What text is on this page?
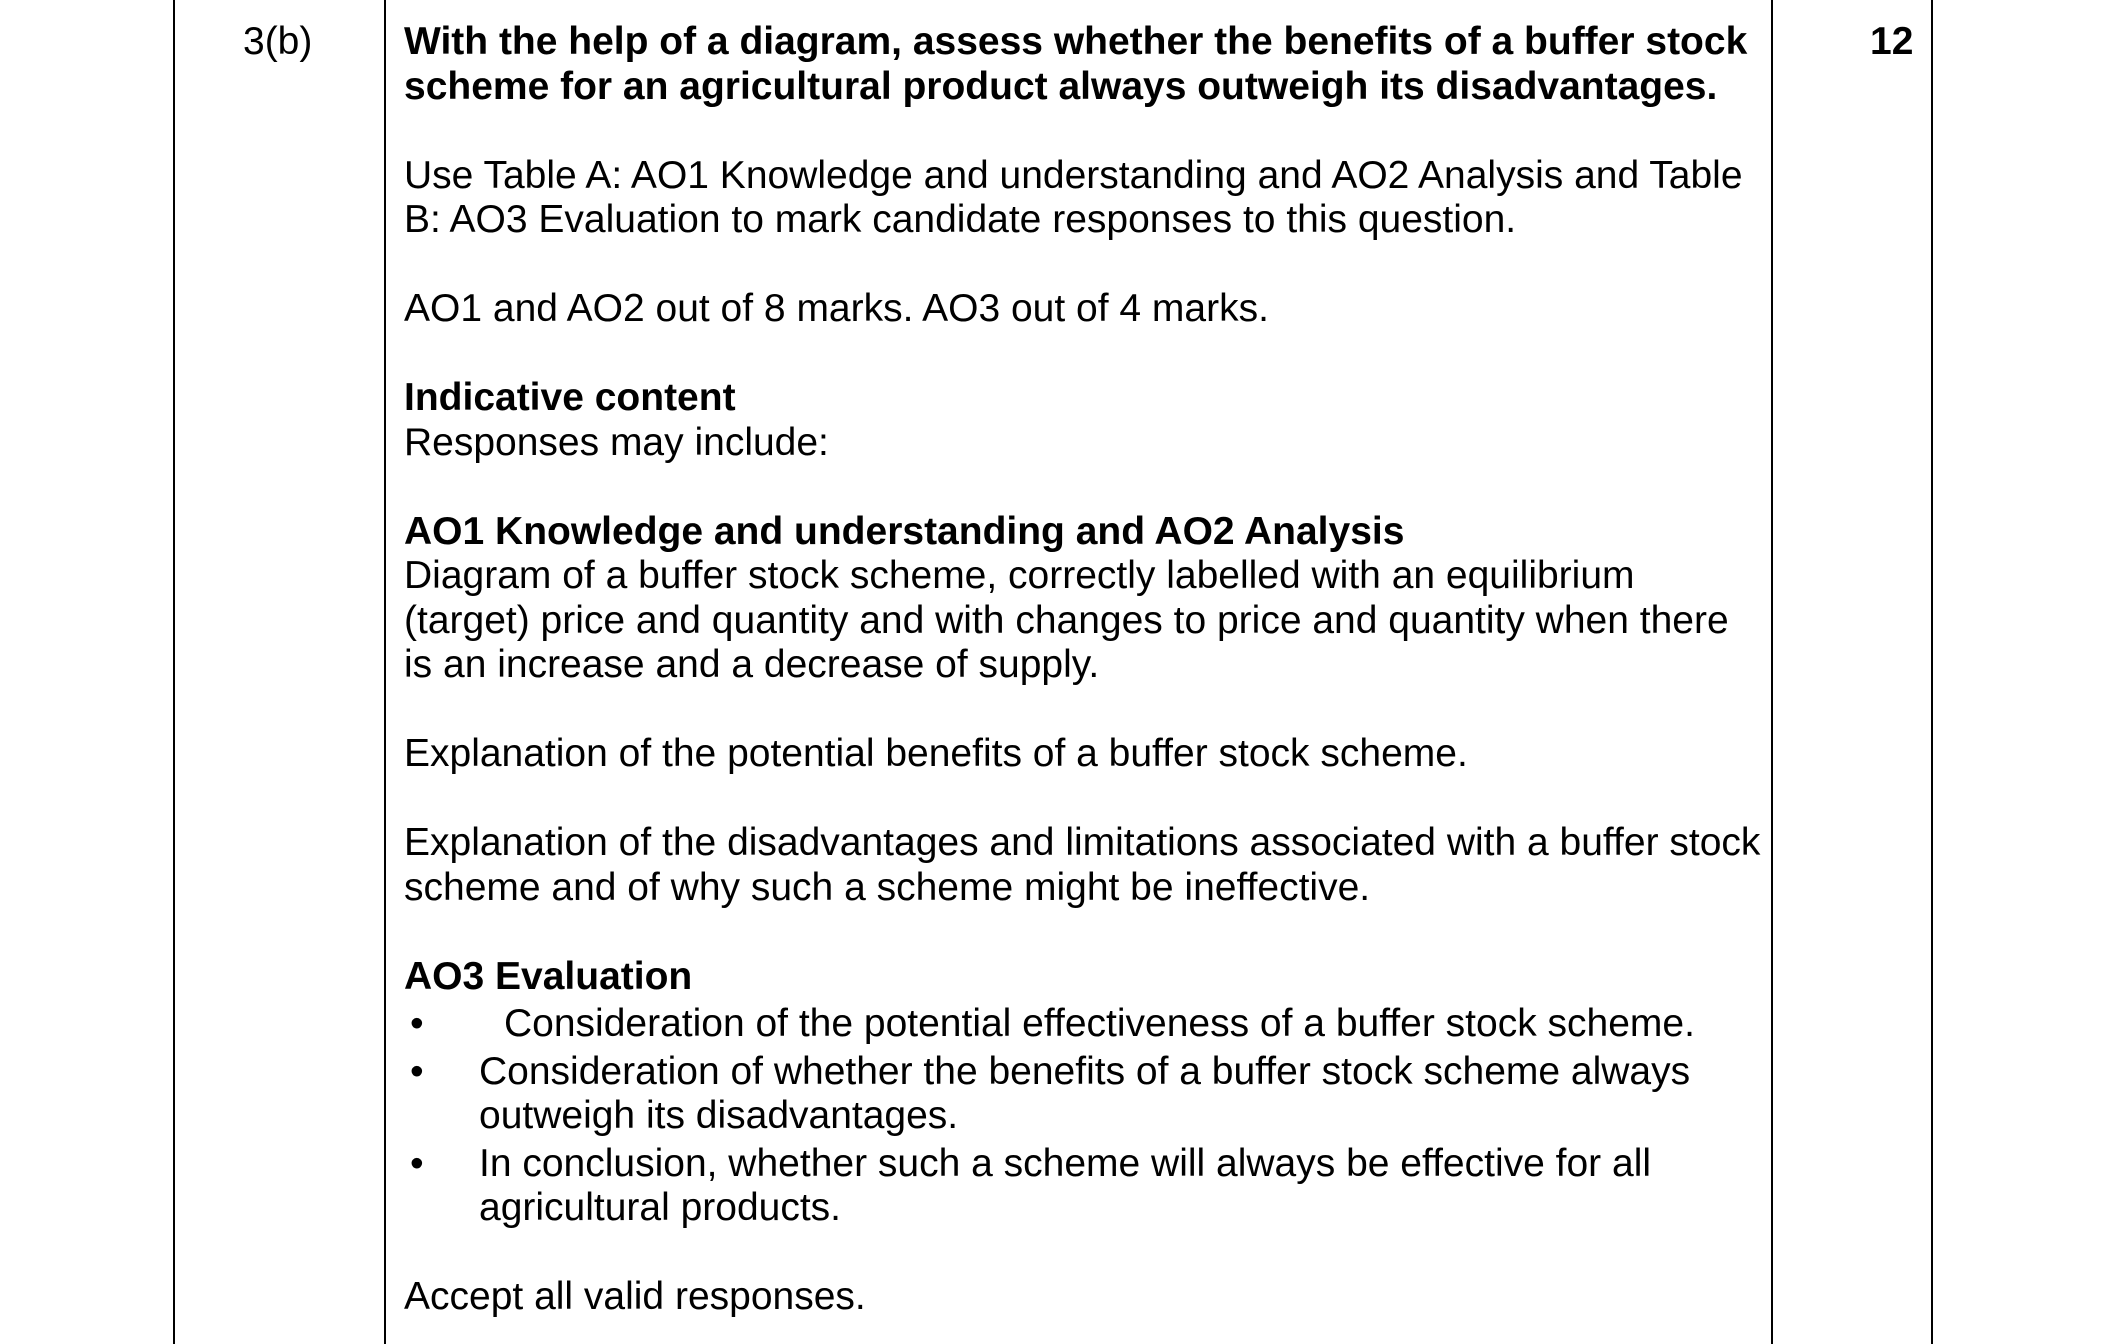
3(b)	12

With the help of a diagram, assess whether the benefits of a buffer stock scheme for an agricultural product always outweigh its disadvantages.

Use Table A: AO1 Knowledge and understanding and AO2 Analysis and Table B: AO3 Evaluation to mark candidate responses to this question.

AO1 and AO2 out of 8 marks. AO3 out of 4 marks.

Indicative content

Responses may include:

AO1 Knowledge and understanding and AO2 Analysis

Diagram of a buffer stock scheme, correctly labelled with an equilibrium (target) price and quantity and with changes to price and quantity when there is an increase and a decrease of supply.

Explanation of the potential benefits of a buffer stock scheme.

Explanation of the disadvantages and limitations associated with a buffer stock scheme and of why such a scheme might be ineffective.

AO3 Evaluation

• Consideration of the potential effectiveness of a buffer stock scheme.
• Consideration of whether the benefits of a buffer stock scheme always outweigh its disadvantages.
• In conclusion, whether such a scheme will always be effective for all agricultural products.

Accept all valid responses.
